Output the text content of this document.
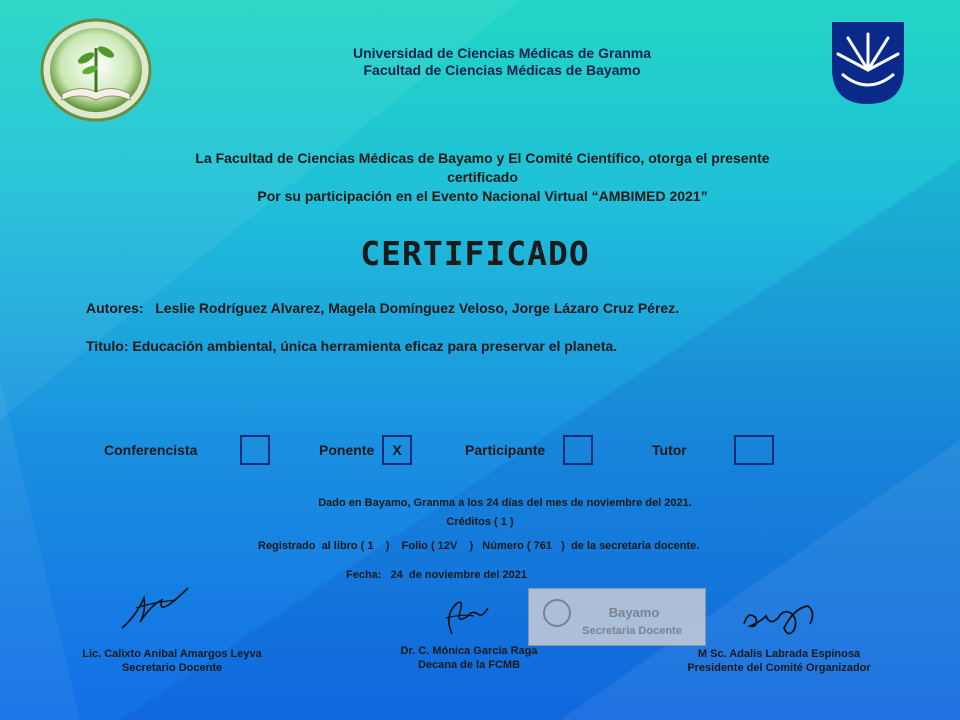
Universidad de Ciencias Médicas de Granma
Facultad de Ciencias Médicas de Bayamo
La Facultad de Ciencias Médicas de Bayamo y El Comité Científico, otorga el presente
certificado
Por su participación en el Evento Nacional Virtual “AMBIMED 2021”
CERTIFICADO
Autores: Leslie Rodríguez Alvarez, Magela Domínguez Veloso, Jorge Lázaro Cruz Pérez.
Titulo: Educación ambiental, única herramienta eficaz para preservar el planeta.
Conferencista	Ponente	X	Participante	Tutor
Dado en Bayamo, Granma a los 24 días del mes de noviembre del 2021.
Créditos ( 1 )
Registrado  al libro ( 1    )    Folio ( 12V    )   Número ( 761   )  de la secretaria docente.
Fecha:   24  de noviembre del 2021
Bayamo
Secretaria Docente
Lic. Calixto Anibal Amargos Leyva
Secretario Docente
Dr. C. Mónica García Raga
Decana de la FCMB
M Sc. Adalis Labrada Espinosa
Presidente del Comité Organizador
